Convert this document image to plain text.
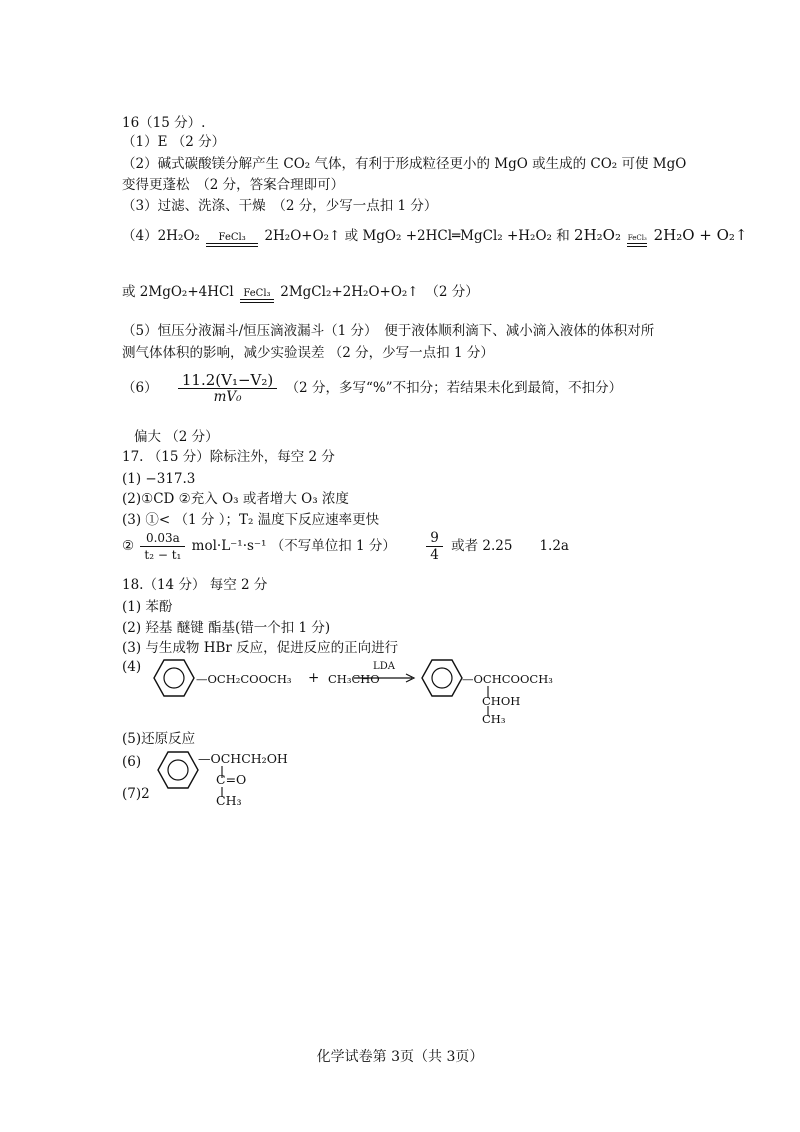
16（15 分）.
（1）E （2 分）
（2）碱式碳酸镁分解产生 CO₂ 气体，有利于形成粒径更小的 MgO 或生成的 CO₂ 可使 MgO
变得更蓬松　（2 分，答案合理即可）
（3）过滤、洗涤、干燥　（2 分，少写一点扣 1 分）
（4）2H₂O₂	FeCl₃	2H₂O+O₂↑ 或 MgO₂ +2HCl═MgCl₂ +H₂O₂ 和 2H₂O₂ FeCl₃ 2H₂O + O₂↑
或 2MgO₂+4HCl FeCl₃ 2MgCl₂+2H₂O+O₂↑　（2 分）
（5）恒压分液漏斗/恒压滴液漏斗（1 分）　便于液体顺利滴下、减小滴入液体的体积对所
测气体体积的影响，减少实验误差 （2 分，少写一点扣 1 分）
$(6) \frac{\text{11.2(V₁−V₂)}}{\text{mV₀}} (2$ 分，多写“%”不扣分；若结果未化到最简，不扣分）
偏大 （2 分）
17. （15 分）除标注外，每空 2 分
(1) −317.3
(2)①CD ②充入 O₃ 或者增大 O₃ 浓度
(3) ①< （1 分 ）；T₂ 温度下反应速率更快
② $\frac{0.03a}{\text{t₂ − t₁}} mol\cdot L^{-1}\cdot s^{-1}$ （不写单位扣 1 分） $\frac{9}{4}$ 或者 2.25　　1.2a
18.（14 分） 每空 2 分
(1) 苯酚
(2) 羟基 醚键 酯基(错一个扣 1 分)
(3) 与生成物 HBr 反应，促进反应的正向进行
(4)
—OCH₂COOCH₃ + CH₃CHO
LDA
—OCHCOOCH₃
CHOH
CH₃
(5)还原反应
(6)	—OCHCH₂OH
C=O
CH₃
(7)2
化学试卷第 3页（共 3页）
